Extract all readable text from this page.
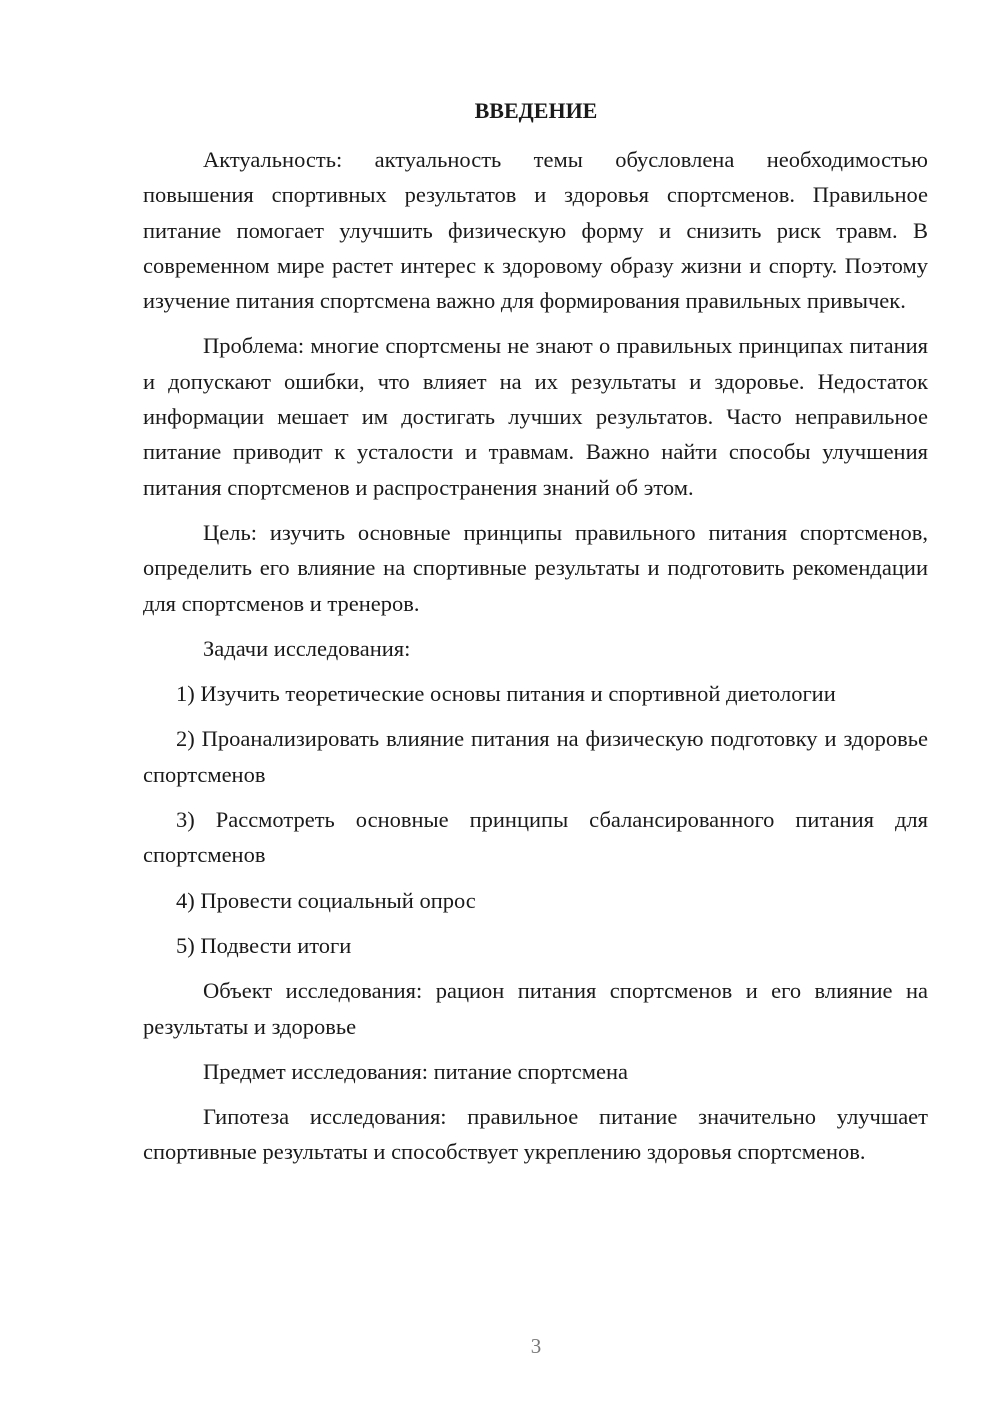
ВВЕДЕНИЕ

Актуальность: актуальность темы обусловлена необходимостью повышения спортивных результатов и здоровья спортсменов. Правильное питание помогает улучшить физическую форму и снизить риск травм. В современном мире растет интерес к здоровому образу жизни и спорту. Поэтому изучение питания спортсмена важно для формирования правильных привычек.

Проблема: многие спортсмены не знают о правильных принципах питания и допускают ошибки, что влияет на их результаты и здоровье. Недостаток информации мешает им достигать лучших результатов. Часто неправильное питание приводит к усталости и травмам. Важно найти способы улучшения питания спортсменов и распространения знаний об этом.

Цель: изучить основные принципы правильного питания спортсменов, определить его влияние на спортивные результаты и подготовить рекомендации для спортсменов и тренеров.

Задачи исследования:

1) Изучить теоретические основы питания и спортивной диетологии

2) Проанализировать влияние питания на физическую подготовку и здоровье спортсменов

3) Рассмотреть основные принципы сбалансированного питания для спортсменов

4) Провести социальный опрос

5) Подвести итоги

Объект исследования: рацион питания спортсменов и его влияние на результаты и здоровье

Предмет исследования: питание спортсмена

Гипотеза исследования: правильное питание значительно улучшает спортивные результаты и способствует укреплению здоровья спортсменов.

3
